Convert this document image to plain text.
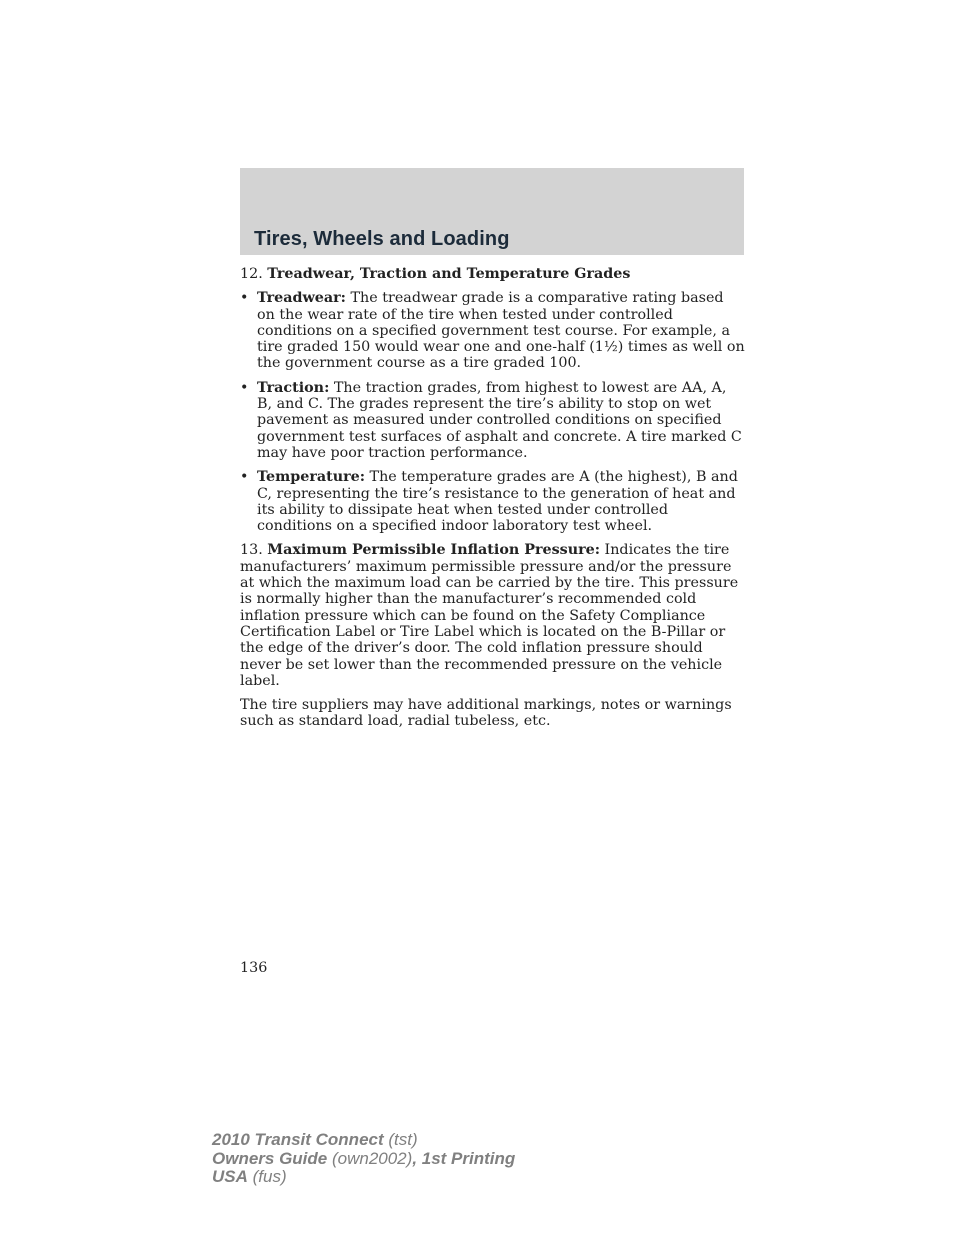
Tires, Wheels and Loading

12. Treadwear, Traction and Temperature Grades

• Treadwear: The treadwear grade is a comparative rating based on the wear rate of the tire when tested under controlled conditions on a specified government test course. For example, a tire graded 150 would wear one and one-half (1½) times as well on the government course as a tire graded 100.
• Traction: The traction grades, from highest to lowest are AA, A, B, and C. The grades represent the tire’s ability to stop on wet pavement as measured under controlled conditions on specified government test surfaces of asphalt and concrete. A tire marked C may have poor traction performance.
• Temperature: The temperature grades are A (the highest), B and C, representing the tire’s resistance to the generation of heat and its ability to dissipate heat when tested under controlled conditions on a specified indoor laboratory test wheel.

13. Maximum Permissible Inflation Pressure: Indicates the tire manufacturers’ maximum permissible pressure and/or the pressure at which the maximum load can be carried by the tire. This pressure is normally higher than the manufacturer’s recommended cold inflation pressure which can be found on the Safety Compliance Certification Label or Tire Label which is located on the B-Pillar or the edge of the driver’s door. The cold inflation pressure should never be set lower than the recommended pressure on the vehicle label.

The tire suppliers may have additional markings, notes or warnings such as standard load, radial tubeless, etc.

136
2010 Transit Connect (tst)
Owners Guide (own2002), 1st Printing
USA (fus)
